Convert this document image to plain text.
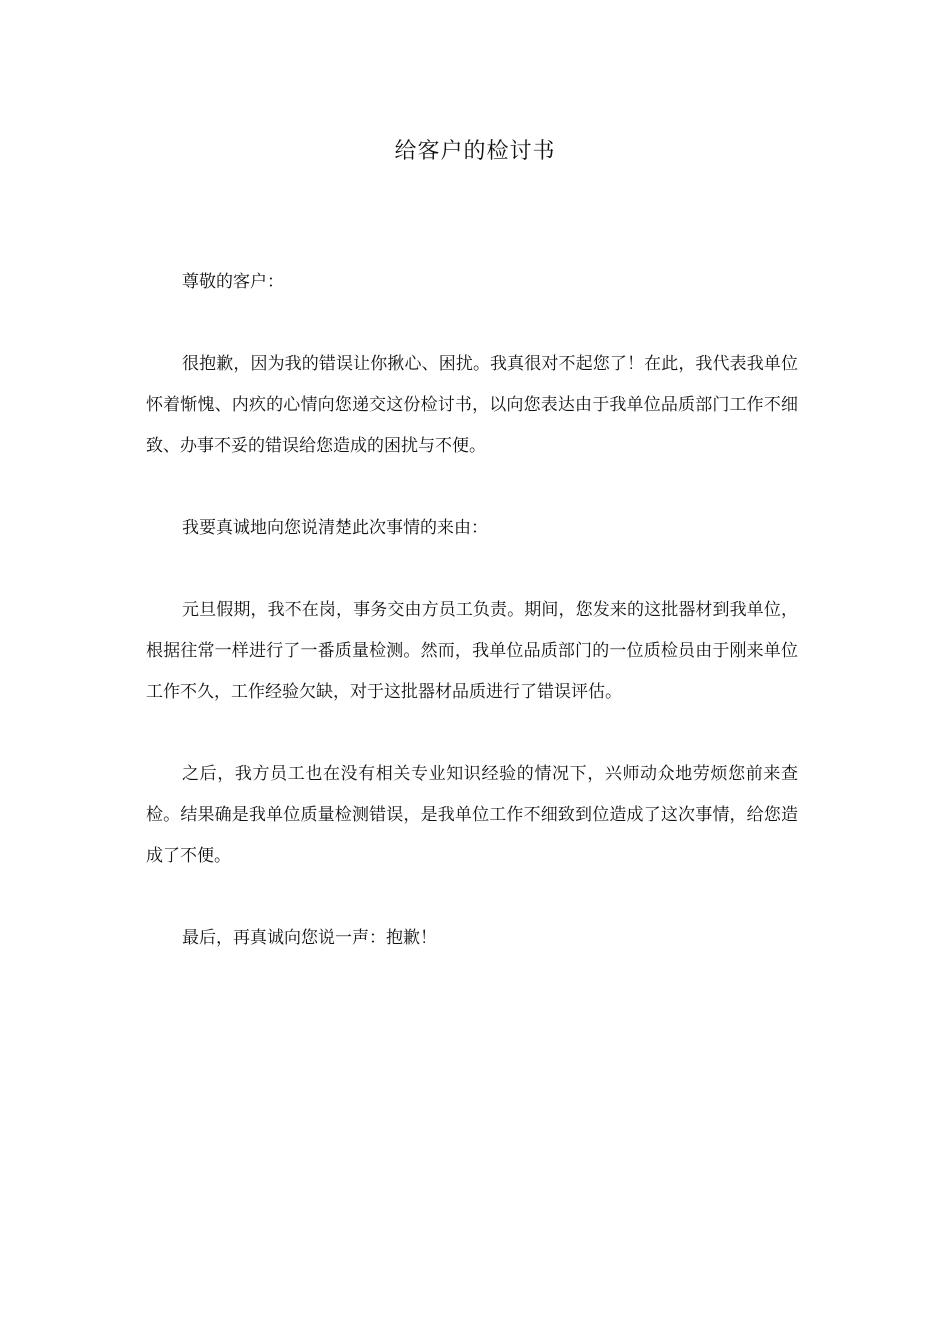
给客户的检讨书

尊敬的客户：

很抱歉，因为我的错误让你揪心、困扰。我真很对不起您了！在此，我代表我单位怀着惭愧、内疚的心情向您递交这份检讨书，以向您表达由于我单位品质部门工作不细致、办事不妥的错误给您造成的困扰与不便。

我要真诚地向您说清楚此次事情的来由：

元旦假期，我不在岗，事务交由方员工负责。期间，您发来的这批器材到我单位，根据往常一样进行了一番质量检测。然而，我单位品质部门的一位质检员由于刚来单位工作不久，工作经验欠缺，对于这批器材品质进行了错误评估。

之后，我方员工也在没有相关专业知识经验的情况下，兴师动众地劳烦您前来查检。结果确是我单位质量检测错误，是我单位工作不细致到位造成了这次事情，给您造成了不便。

最后，再真诚向您说一声：抱歉！
